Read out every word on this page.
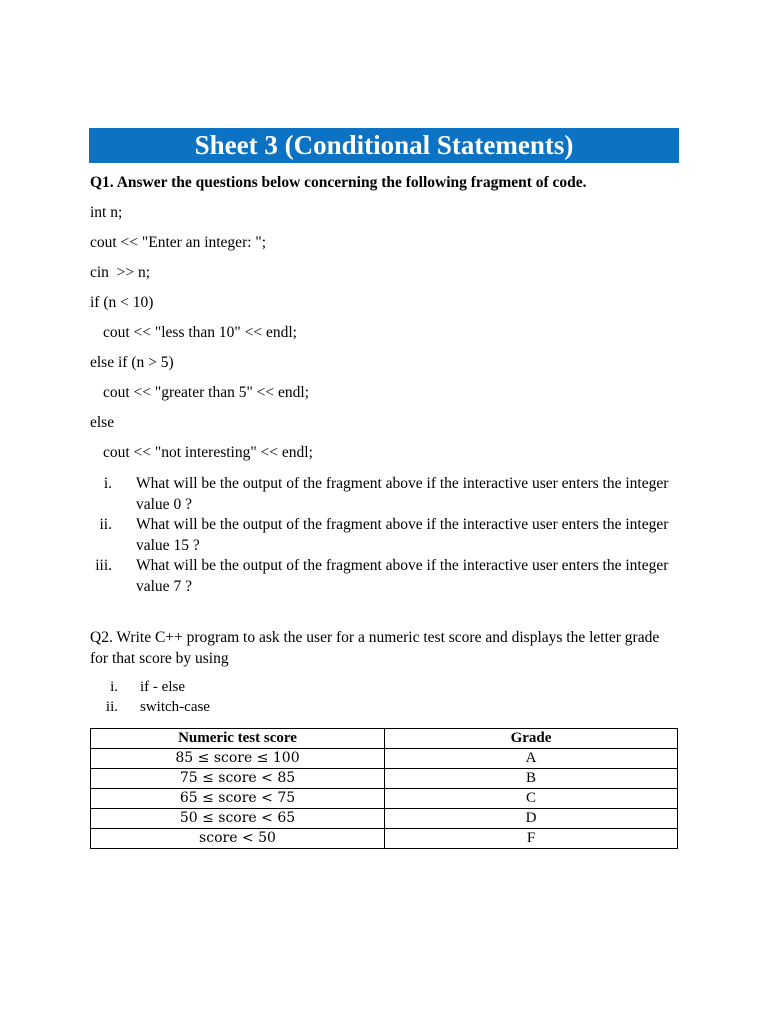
Sheet 3 (Conditional Statements)
Q1. Answer the questions below concerning the following fragment of code.
int n;
cout << "Enter an integer: ";
cin  >> n;
if (n < 10)
cout << "less than 10" << endl;
else if (n > 5)
cout << "greater than 5" << endl;
else
cout << "not interesting" << endl;
i. What will be the output of the fragment above if the interactive user enters the integer value 0 ?
ii. What will be the output of the fragment above if the interactive user enters the integer value 15 ?
iii. What will be the output of the fragment above if the interactive user enters the integer value 7 ?
Q2. Write C++ program to ask the user for a numeric test score and displays the letter grade for that score by using
i. if - else
ii. switch-case
Numeric test score	Grade
85 ≤ score ≤ 100	A
75 ≤ score < 85	B
65 ≤ score < 75	C
50 ≤ score < 65	D
score < 50	F
